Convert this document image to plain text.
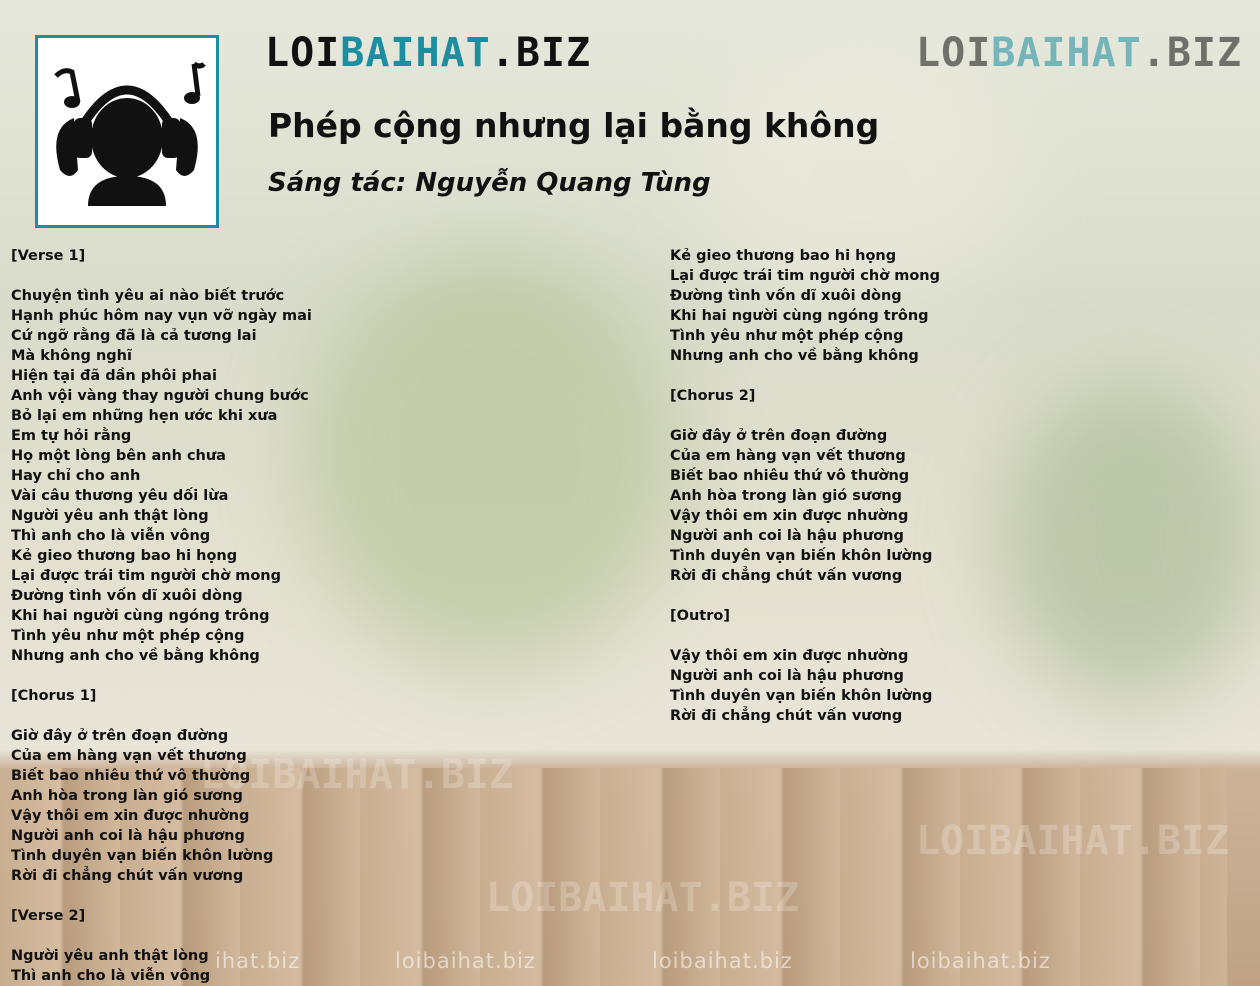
LOIBAIHAT.BIZ	LOIBAIHAT.BIZ
Phép cộng nhưng lại bằng không
Sáng tác: Nguyễn Quang Tùng
LOIBAIHAT.BIZ
LOIBAIHAT.BIZ
LOIBAIHAT.BIZ
[Verse 1]
Chuyện tình yêu ai nào biết trước
Hạnh phúc hôm nay vụn vỡ ngày mai
Cứ ngỡ rằng đã là cả tương lai
Mà không nghĩ
Hiện tại đã dần phôi phai
Anh vội vàng thay người chung bước
Bỏ lại em những hẹn ước khi xưa
Em tự hỏi rằng
Họ một lòng bên anh chưa
Hay chỉ cho anh
Vài câu thương yêu dối lừa
Người yêu anh thật lòng
Thì anh cho là viễn vông
Kẻ gieo thương bao hi họng
Lại được trái tim người chờ mong
Đường tình vốn dĩ xuôi dòng
Khi hai người cùng ngóng trông
Tình yêu như một phép cộng
Nhưng anh cho về bằng không
[Chorus 1]
Giờ đây ở trên đoạn đường
Của em hàng vạn vết thương
Biết bao nhiêu thứ vô thường
Anh hòa trong làn gió sương
Vậy thôi em xin được nhường
Người anh coi là hậu phương
Tình duyên vạn biến khôn lường
Rời đi chẳng chút vấn vương
[Verse 2]
Người yêu anh thật lòng
Thì anh cho là viễn vông
Kẻ gieo thương bao hi họng
Lại được trái tim người chờ mong
Đường tình vốn dĩ xuôi dòng
Khi hai người cùng ngóng trông
Tình yêu như một phép cộng
Nhưng anh cho về bằng không
[Chorus 2]
Giờ đây ở trên đoạn đường
Của em hàng vạn vết thương
Biết bao nhiêu thứ vô thường
Anh hòa trong làn gió sương
Vậy thôi em xin được nhường
Người anh coi là hậu phương
Tình duyên vạn biến khôn lường
Rời đi chẳng chút vấn vương
[Outro]
Vậy thôi em xin được nhường
Người anh coi là hậu phương
Tình duyên vạn biến khôn lường
Rời đi chẳng chút vấn vương
ihat.biz	loibaihat.biz	loibaihat.biz	loibaihat.biz
